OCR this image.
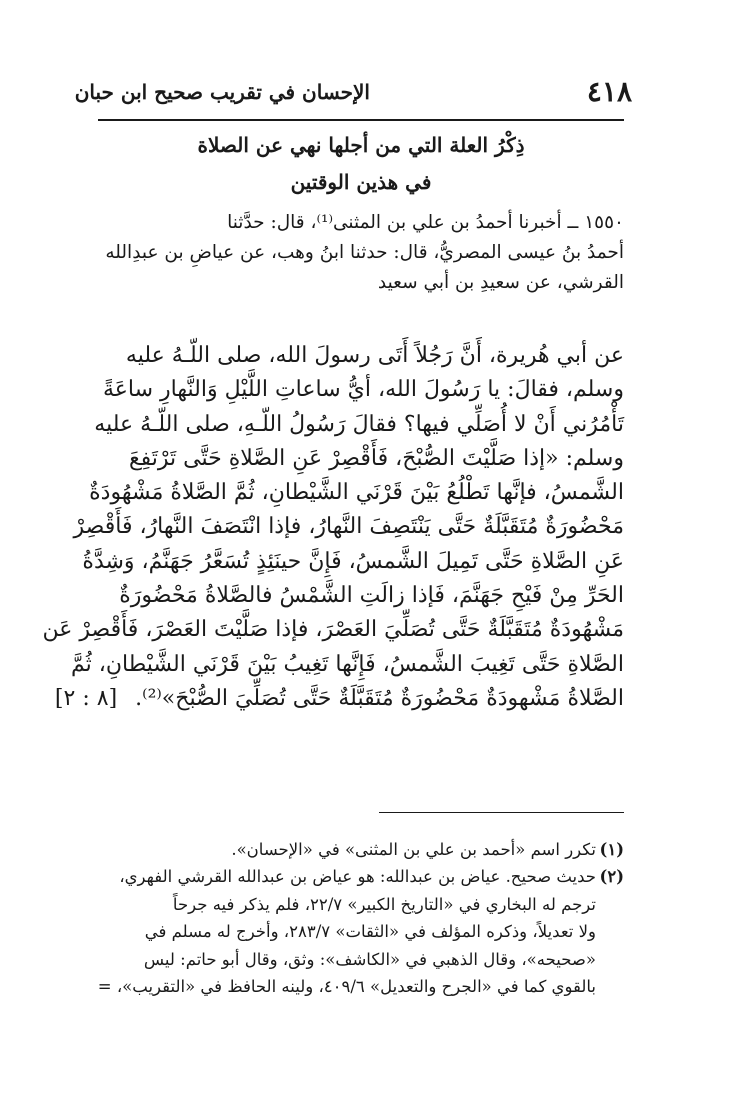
الإحسان في تقريب صحيح ابن حبان	٤١٨
ذِكْرُ العلة التي من أجلها نهي عن الصلاة
في هذين الوقتين
١٥٥٠ ــ أخبرنا أحمدُ بن علي بن المثنى⁽¹⁾، قال: حدَّثنا
أحمدُ بنُ عيسى المصريُّ، قال: حدثنا ابنُ وهب، عن عياضِ بن عبدِالله
القرشي، عن سعيدِ بن أبي سعيد
عن أبي هُريرة، أَنَّ رَجُلاً أَتَى رسولَ الله، صلى اللّـهُ عليه
وسلم، فقالَ: يا رَسُولَ الله، أيُّ ساعاتِ اللَّيْلِ وَالنَّهارِ ساعَةً
تَأْمُرُني أَنْ لا أُصَلِّي فيها؟ فقالَ رَسُولُ اللّـهِ، صلى اللّـهُ عليه
وسلم: «إذا صَلَّيْتَ الصُّبْحَ، فَأَقْصِرْ عَنِ الصَّلاةِ حَتَّى تَرْتَفِعَ
الشَّمسُ، فإنَّها تَطْلُعُ بَيْنَ قَرْنَي الشَّيْطانِ، ثُمَّ الصَّلاةُ مَشْهُودَةٌ
مَحْضُورَةٌ مُتَقَبَّلَةٌ حَتَّى يَنْتَصِفَ النَّهارُ، فإذا انْتَصَفَ النَّهارُ، فَأَقْصِرْ
عَنِ الصَّلاةِ حَتَّى تَمِيلَ الشَّمسُ، فَإِنَّ حينَئِذٍ تُسَعَّرُ جَهَنَّمُ، وَشِدَّةُ
الحَرِّ مِنْ فَيْحِ جَهَنَّمَ، فَإذا زالَتِ الشَّمْسُ فالصَّلاةُ مَحْضُورَةٌ
مَشْهُودَةٌ مُتَقَبَّلَةٌ حَتَّى تُصَلِّيَ العَصْرَ، فإذا صَلَّيْتَ العَصْرَ، فَأَقْصِرْ عَن
الصَّلاةِ حَتَّى تَغِيبَ الشَّمسُ، فَإِنَّها تَغِيبُ بَيْنَ قَرْنَي الشَّيْطانِ، ثُمَّ
الصَّلاةُ مَشْهودَةٌ مَحْضُورَةٌ مُتَقَبَّلَةٌ حَتَّى تُصَلِّيَ الصُّبْحَ»⁽²⁾.[٨ : ٢]
(١)تكرر اسم «أحمد بن علي بن المثنى» في «الإحسان».
(٢)حديث صحيح. عياض بن عبدالله: هو عياض بن عبدالله القرشي الفهري،
ترجم له البخاري في «التاريخ الكبير» ٢٢/٧، فلم يذكر فيه جرحاً
ولا تعديلاً، وذكره المؤلف في «الثقات» ٢٨٣/٧، وأخرج له مسلم في
«صحيحه»، وقال الذهبي في «الكاشف»: وثق، وقال أبو حاتم: ليس
بالقوي كما في «الجرح والتعديل» ٤٠٩/٦، ولينه الحافظ في «التقريب»، =
